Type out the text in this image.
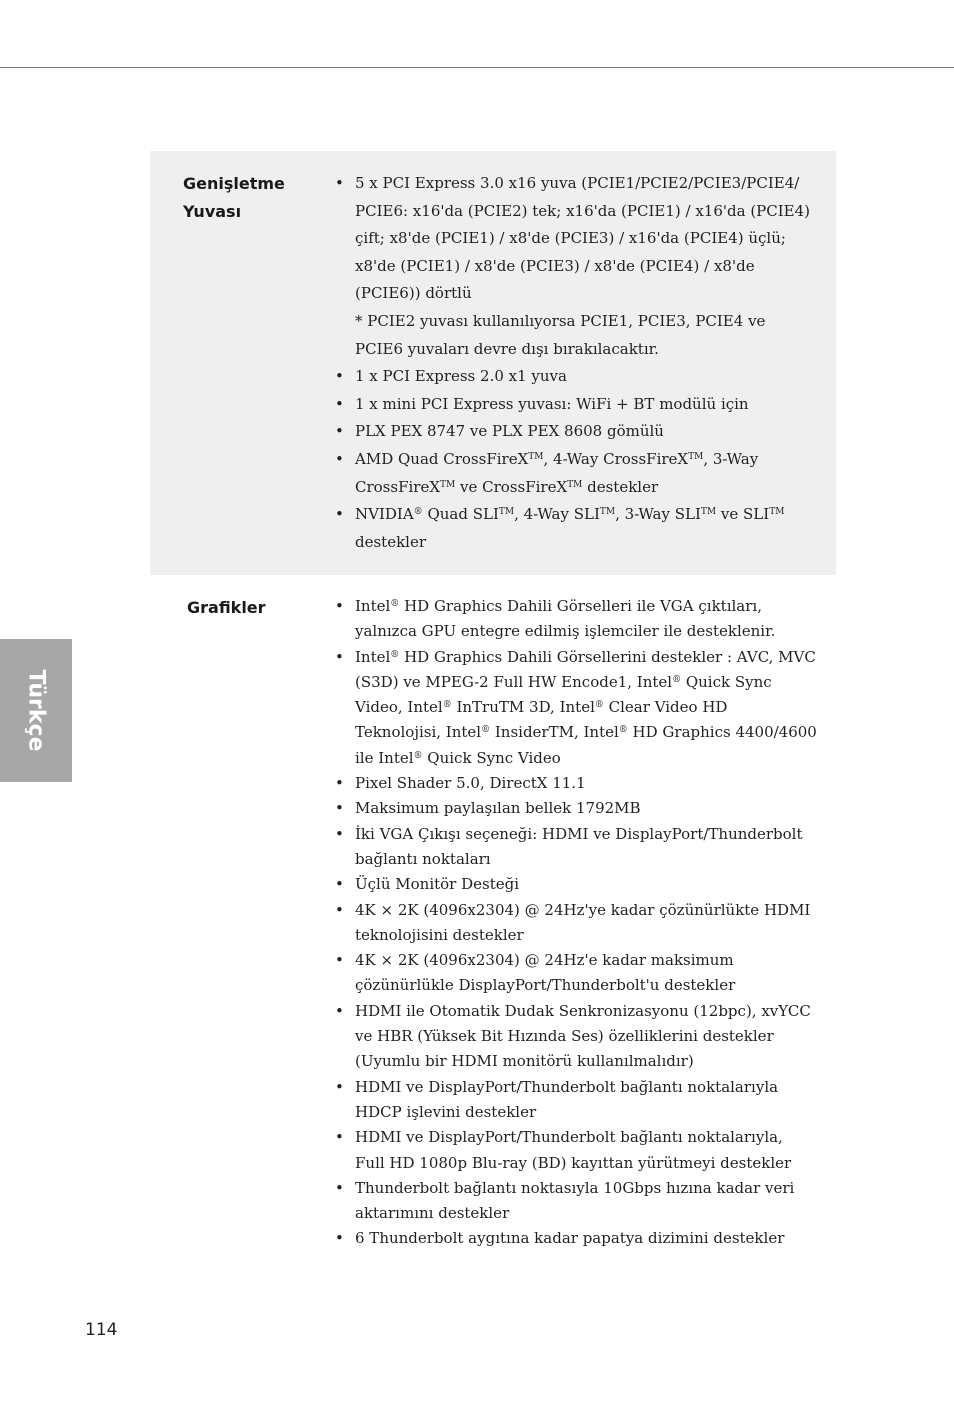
Türkçe
Genişletme Yuvası
• 5 x PCI Express 3.0 x16 yuva (PCIE1/PCIE2/PCIE3/PCIE4/ PCIE6: x16'da (PCIE2) tek; x16'da (PCIE1) / x16'da (PCIE4) çift; x8'de (PCIE1) / x8'de (PCIE3) / x16'da (PCIE4) üçlü; x8'de (PCIE1) / x8'de (PCIE3) / x8'de (PCIE4) / x8'de (PCIE6)) dörtlü
* PCIE2 yuvası kullanılıyorsa PCIE1, PCIE3, PCIE4 ve PCIE6 yuvaları devre dışı bırakılacaktır.
• 1 x PCI Express 2.0 x1 yuva
• 1 x mini PCI Express yuvası: WiFi + BT modülü için
• PLX PEX 8747 ve PLX PEX 8608 gömülü
• AMD Quad CrossFireX™, 4-Way CrossFireX™, 3-Way CrossFireX™ ve CrossFireX™ destekler
• NVIDIA® Quad SLI™, 4-Way SLI™, 3-Way SLI™ ve SLI™ destekler
Grafikler
•	Intel® HD Graphics Dahili Görselleri ile VGA çıktıları, yalnızca GPU entegre edilmiş işlemciler ile desteklenir.
• Intel® HD Graphics Dahili Görsellerini destekler : AVC, MVC (S3D) ve MPEG-2 Full HW Encode1, Intel® Quick Sync Video, Intel® InTruTM 3D, Intel® Clear Video HD Teknolojisi, Intel® InsiderTM, Intel® HD Graphics 4400/4600 ile Intel® Quick Sync Video
• Pixel Shader 5.0, DirectX 11.1
• Maksimum paylaşılan bellek 1792MB
• İki VGA Çıkışı seçeneği: HDMI ve DisplayPort/Thunderbolt bağlantı noktaları
• Üçlü Monitör Desteği
• 4K × 2K (4096x2304) @ 24Hz'ye kadar çözünürlükte HDMI teknolojisini destekler
• 4K × 2K (4096x2304) @ 24Hz'e kadar maksimum çözünürlükle DisplayPort/Thunderbolt'u destekler
• HDMI ile Otomatik Dudak Senkronizasyonu (12bpc), xvYCC ve HBR (Yüksek Bit Hızında Ses) özelliklerini destekler (Uyumlu bir HDMI monitörü kullanılmalıdır)
• HDMI ve DisplayPort/Thunderbolt bağlantı noktalarıyla HDCP işlevini destekler
• HDMI ve DisplayPort/Thunderbolt bağlantı noktalarıyla, Full HD 1080p Blu-ray (BD) kayıttan yürütmeyi destekler
• Thunderbolt bağlantı noktasıyla 10Gbps hızına kadar veri aktarımını destekler
• 6 Thunderbolt aygıtına kadar papatya dizimini destekler
114
